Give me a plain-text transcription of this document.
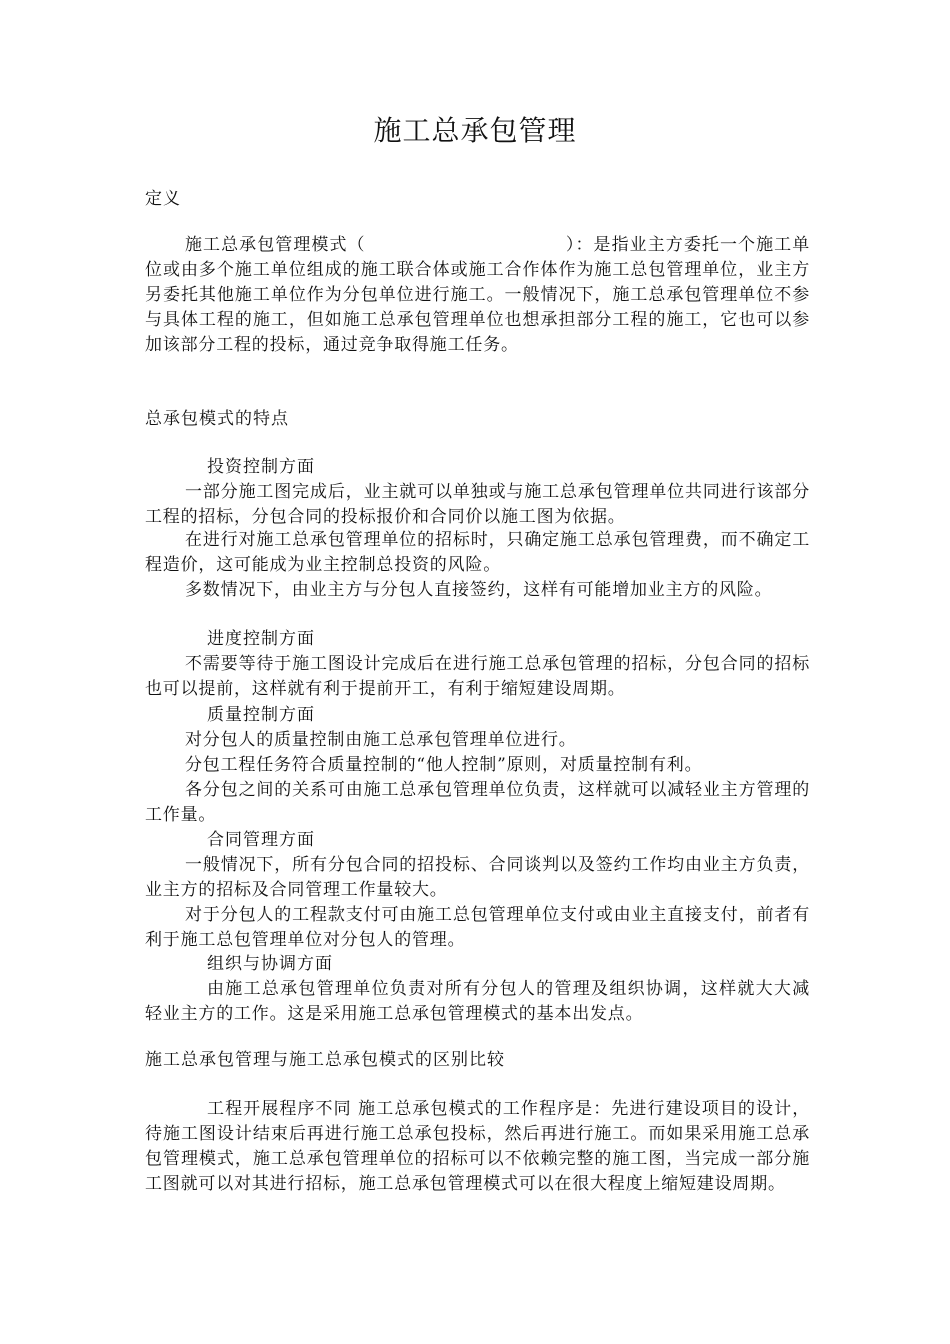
施工总承包管理
定义
施工总承包管理模式（	）：是指业主方委托一个施工单位或由多个施工单位组成的施工联合体或施工合作体作为施工总包管理单位，业主方另委托其他施工单位作为分包单位进行施工。一般情况下，施工总承包管理单位不参与具体工程的施工，但如施工总承包管理单位也想承担部分工程的施工，它也可以参加该部分工程的投标，通过竞争取得施工任务。
总承包模式的特点
投资控制方面
一部分施工图完成后，业主就可以单独或与施工总承包管理单位共同进行该部分工程的招标，分包合同的投标报价和合同价以施工图为依据。
在进行对施工总承包管理单位的招标时，只确定施工总承包管理费，而不确定工程造价，这可能成为业主控制总投资的风险。
多数情况下，由业主方与分包人直接签约，这样有可能增加业主方的风险。
进度控制方面
不需要等待于施工图设计完成后在进行施工总承包管理的招标，分包合同的招标也可以提前，这样就有利于提前开工，有利于缩短建设周期。
质量控制方面
对分包人的质量控制由施工总承包管理单位进行。
分包工程任务符合质量控制的“他人控制”原则，对质量控制有利。
各分包之间的关系可由施工总承包管理单位负责，这样就可以减轻业主方管理的工作量。
合同管理方面
一般情况下，所有分包合同的招投标、合同谈判以及签约工作均由业主方负责，业主方的招标及合同管理工作量较大。
对于分包人的工程款支付可由施工总包管理单位支付或由业主直接支付，前者有利于施工总包管理单位对分包人的管理。
组织与协调方面
由施工总承包管理单位负责对所有分包人的管理及组织协调，这样就大大减轻业主方的工作。这是采用施工总承包管理模式的基本出发点。
施工总承包管理与施工总承包模式的区别比较
工程开展程序不同 施工总承包模式的工作程序是：先进行建设项目的设计，待施工图设计结束后再进行施工总承包投标，然后再进行施工。而如果采用施工总承包管理模式，施工总承包管理单位的招标可以不依赖完整的施工图，当完成一部分施工图就可以对其进行招标，施工总承包管理模式可以在很大程度上缩短建设周期。
